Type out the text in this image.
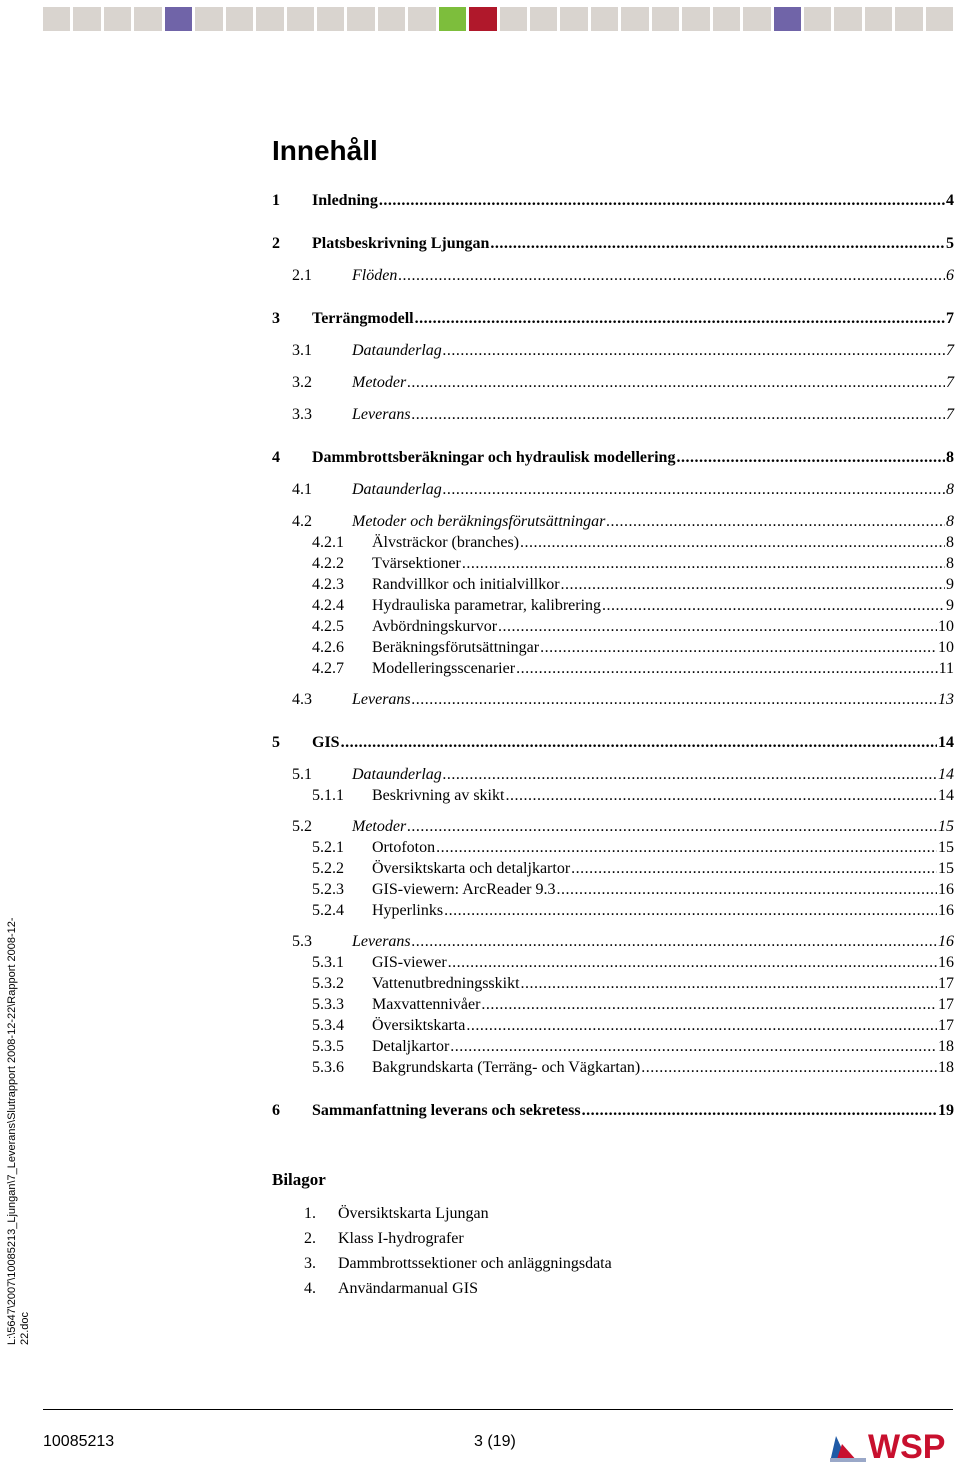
Innehåll
1	Inledning .....	4
2	Platsbeskrivning Ljungan .....	5
2.1	Flöden .....	6
3	Terrängmodell .....	7
3.1	Dataunderlag .....	7
3.2	Metoder .....	7
3.3	Leverans .....	7
4	Dammbrottsberäkningar och hydraulisk modellering .....	8
4.1	Dataunderlag .....	8
4.2	Metoder och beräkningsförutsättningar .....	8
4.2.1	Älvsträckor (branches) .....	8
4.2.2	Tvärsektioner .....	8
4.2.3	Randvillkor och initialvillkor .....	9
4.2.4	Hydrauliska parametrar, kalibrering .....	9
4.2.5	Avbördningskurvor .....	10
4.2.6	Beräkningsförutsättningar .....	10
4.2.7	Modelleringsscenarier .....	11
4.3	Leverans .....	13
5	GIS .....	14
5.1	Dataunderlag .....	14
5.1.1	Beskrivning av skikt .....	14
5.2	Metoder .....	15
5.2.1	Ortofoton .....	15
5.2.2	Översiktskarta och detaljkartor .....	15
5.2.3	GIS-viewern: ArcReader 9.3 .....	16
5.2.4	Hyperlinks .....	16
5.3	Leverans .....	16
5.3.1	GIS-viewer .....	16
5.3.2	Vattenutbredningsskikt .....	17
5.3.3	Maxvattennivåer .....	17
5.3.4	Översiktskarta .....	17
5.3.5	Detaljkartor .....	18
5.3.6	Bakgrundskarta (Terräng- och Vägkartan) .....	18
6	Sammanfattning leverans och sekretess .....	19
Bilagor
1.	Översiktskarta Ljungan
2.	Klass I-hydrografer
3.	Dammbrottssektioner och anläggningsdata
4.	Användarmanual GIS
L:\5647\2007\10085213_Ljungan\7_Leverans\Slutrapport 2008-12-22\Rapport 2008-12-22.doc
10085213	3 (19)	WSP
